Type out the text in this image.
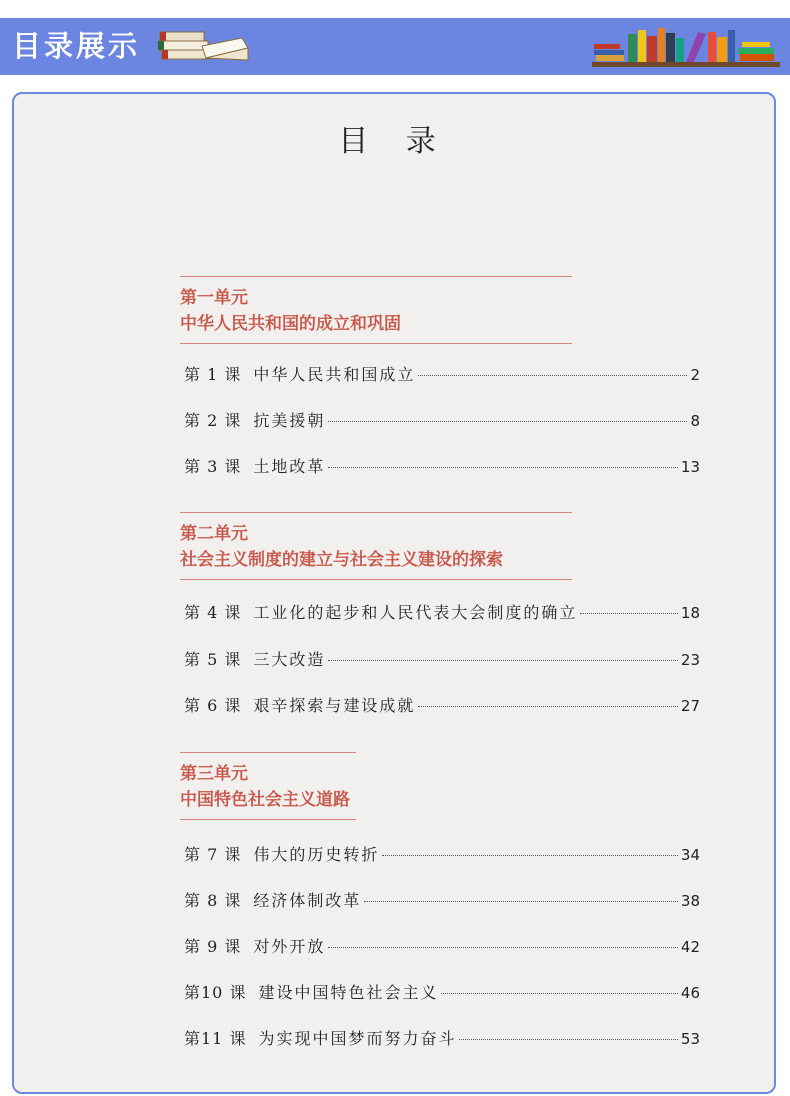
目录展示
目 录
第一单元
中华人民共和国的成立和巩固
第 1 课 中华人民共和国成立	2
第 2 课 抗美援朝	8
第 3 课 土地改革	13
第二单元
社会主义制度的建立与社会主义建设的探索
第 4 课 工业化的起步和人民代表大会制度的确立	18
第 5 课 三大改造	23
第 6 课 艰辛探索与建设成就	27
第三单元
中国特色社会主义道路
第 7 课 伟大的历史转折	34
第 8 课 经济体制改革	38
第 9 课 对外开放	42
第10 课 建设中国特色社会主义	46
第11 课 为实现中国梦而努力奋斗	53
